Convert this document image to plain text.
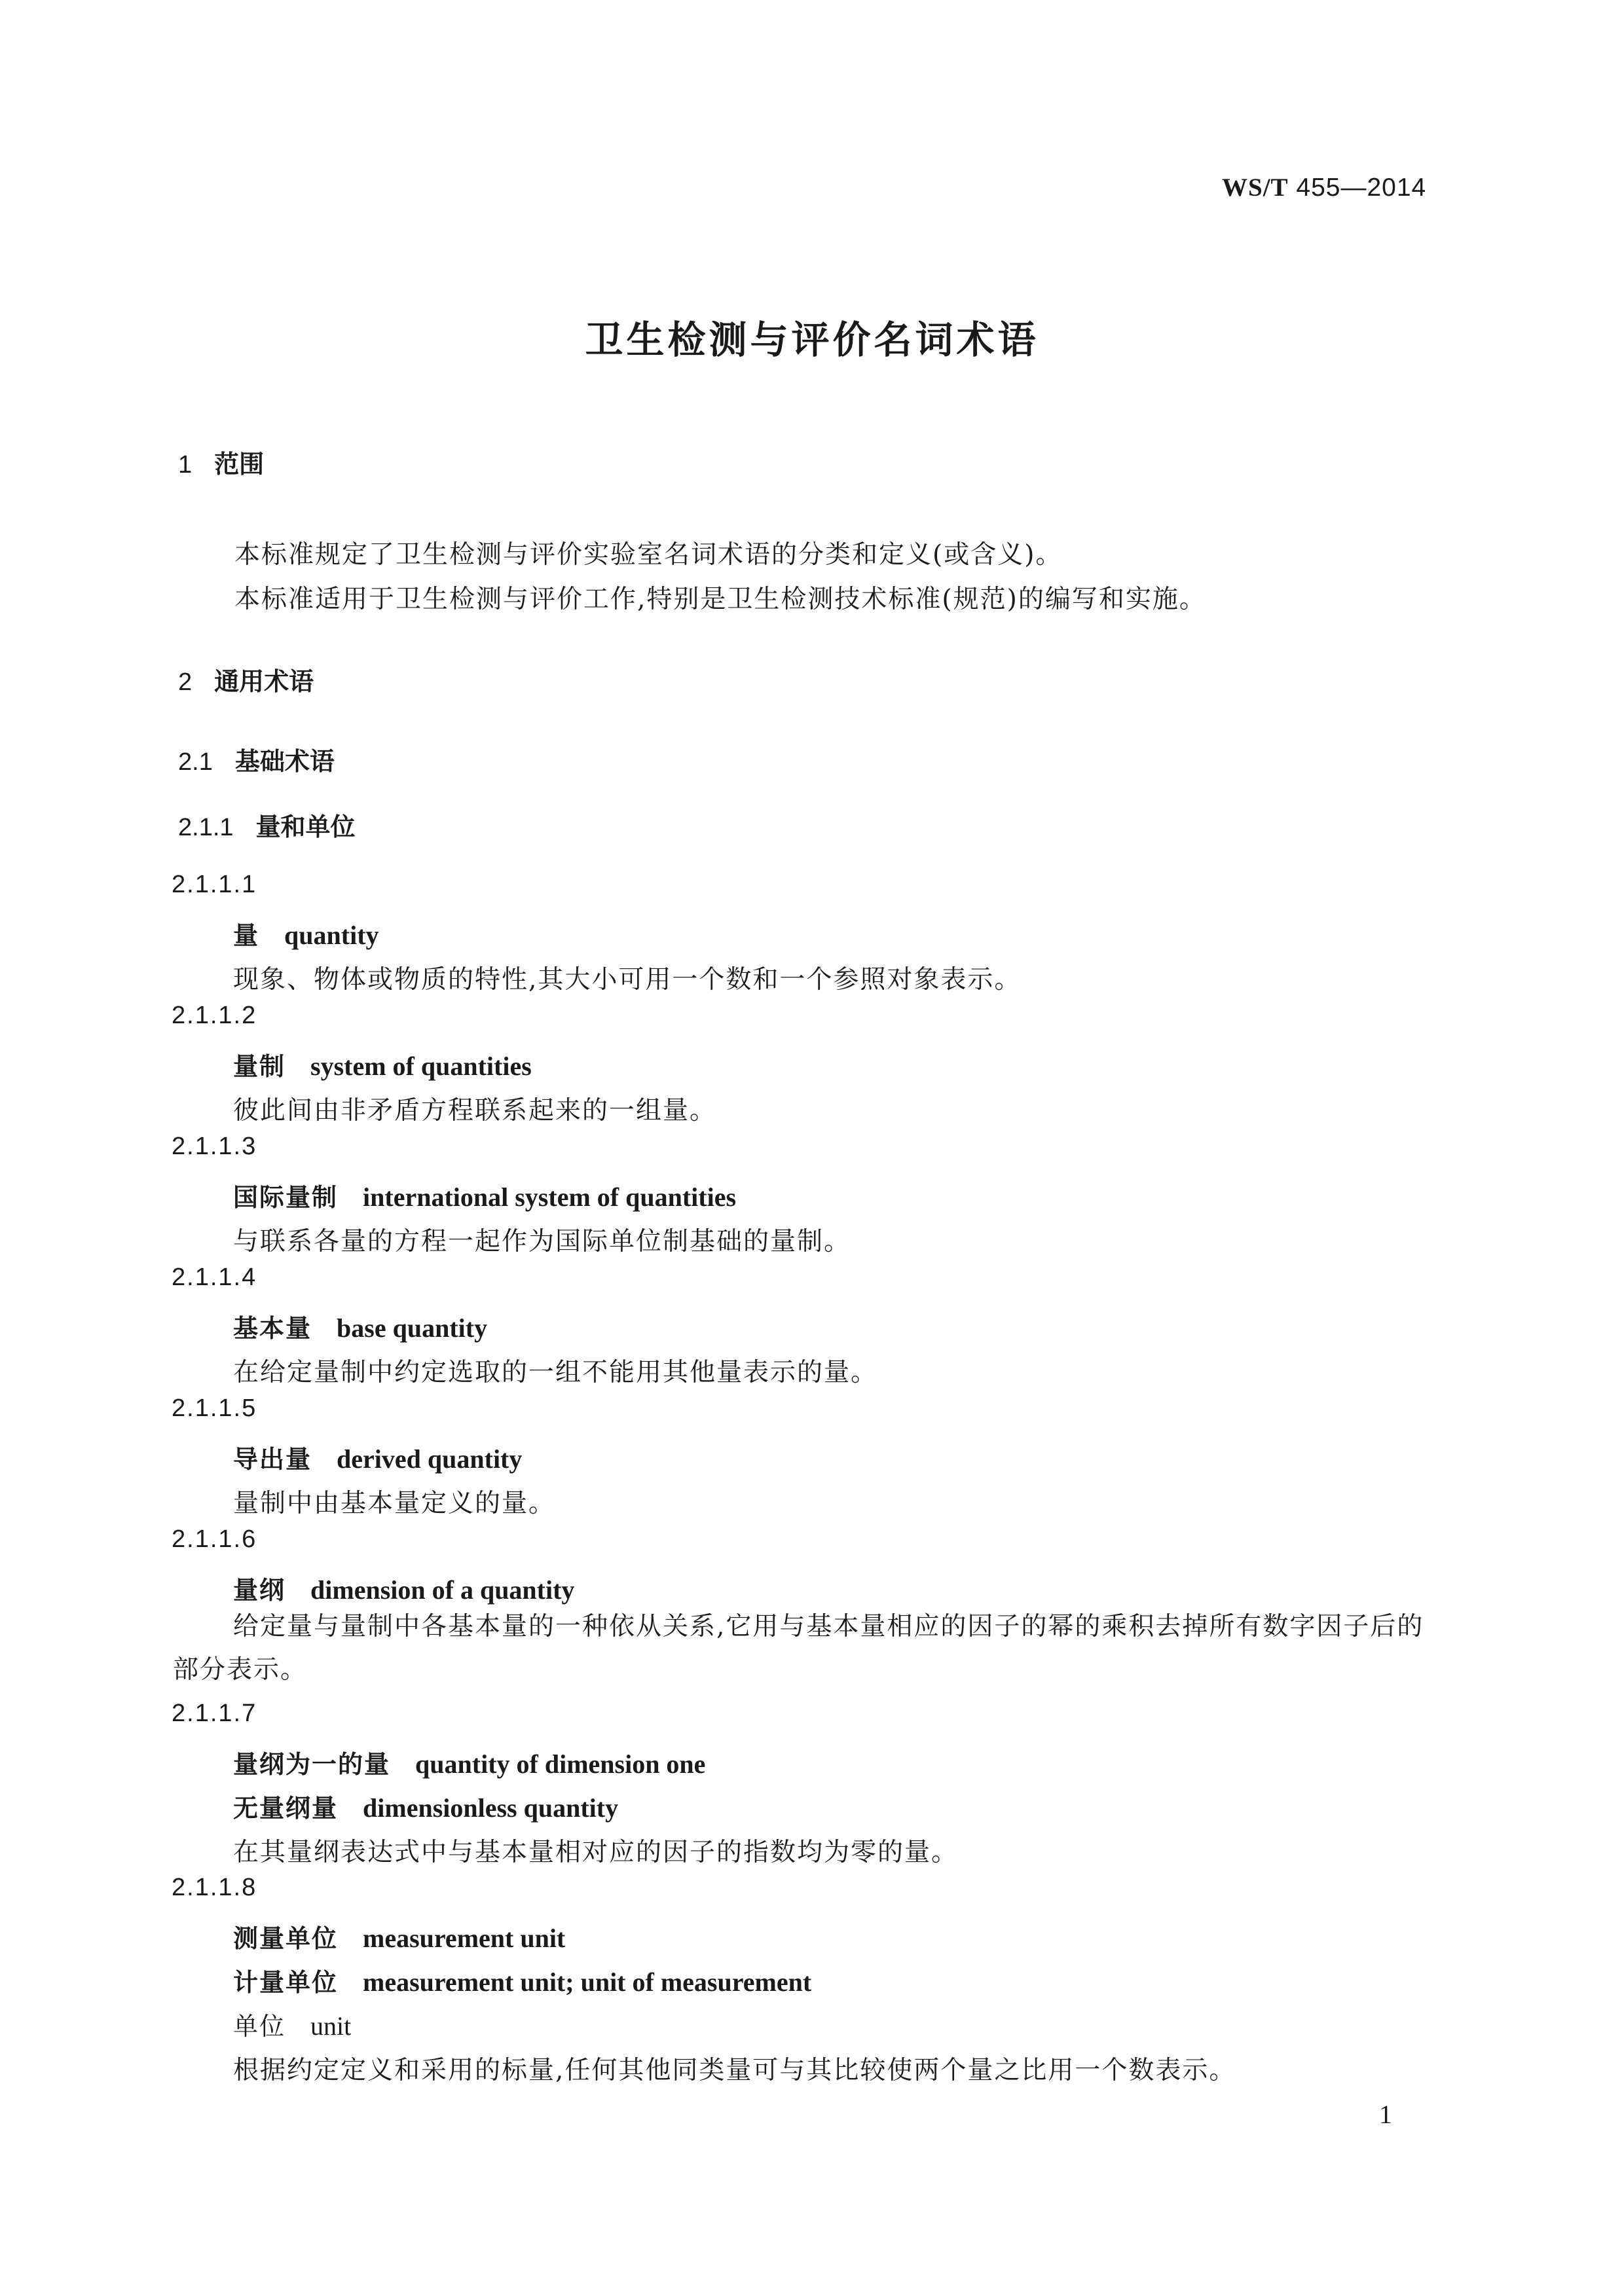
WS/T 455—2014
卫生检测与评价名词术语
1 范围
本标准规定了卫生检测与评价实验室名词术语的分类和定义(或含义)。
本标准适用于卫生检测与评价工作,特别是卫生检测技术标准(规范)的编写和实施。
2 通用术语
2.1 基础术语
2.1.1 量和单位
2.1.1.1
量 quantity
现象、物体或物质的特性,其大小可用一个数和一个参照对象表示。
2.1.1.2
量制 system of quantities
彼此间由非矛盾方程联系起来的一组量。
2.1.1.3
国际量制 international system of quantities
与联系各量的方程一起作为国际单位制基础的量制。
2.1.1.4
基本量 base quantity
在给定量制中约定选取的一组不能用其他量表示的量。
2.1.1.5
导出量 derived quantity
量制中由基本量定义的量。
2.1.1.6
量纲 dimension of a quantity
给定量与量制中各基本量的一种依从关系,它用与基本量相应的因子的幂的乘积去掉所有数字因子后的部分表示。
2.1.1.7
量纲为一的量 quantity of dimension one
无量纲量 dimensionless quantity
在其量纲表达式中与基本量相对应的因子的指数均为零的量。
2.1.1.8
测量单位 measurement unit
计量单位 measurement unit; unit of measurement
单位 unit
根据约定定义和采用的标量,任何其他同类量可与其比较使两个量之比用一个数表示。
1
